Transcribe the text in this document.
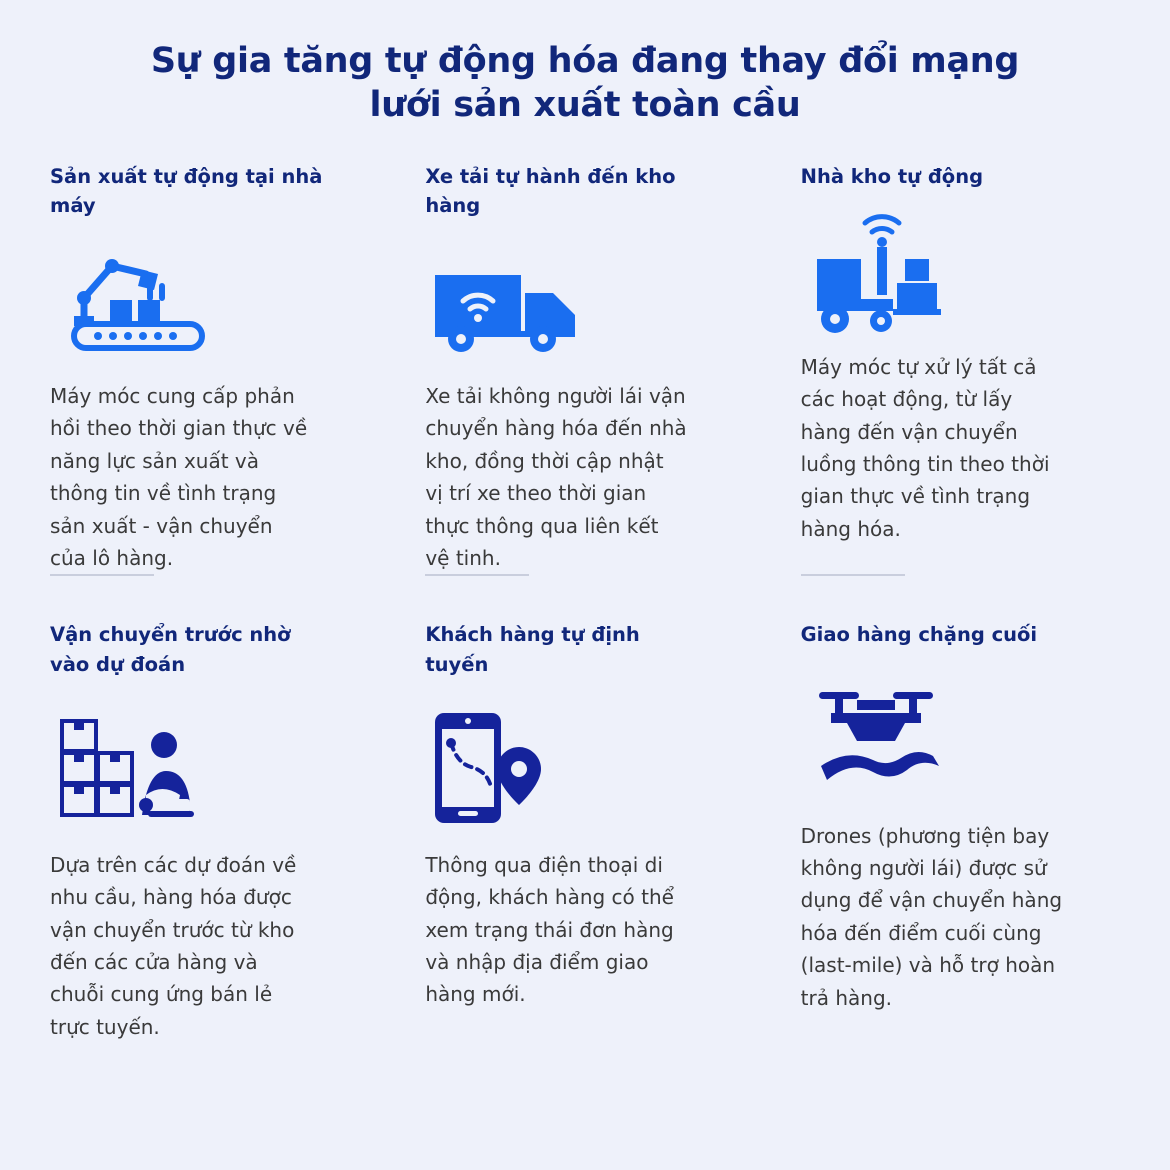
Sự gia tăng tự động hóa đang thay đổi mạng lưới sản xuất toàn cầu
Sản xuất tự động tại nhà máy

Máy móc cung cấp phản hồi theo thời gian thực về năng lực sản xuất và thông tin về tình trạng sản xuất - vận chuyển của lô hàng.

Xe tải tự hành đến kho hàng

Xe tải không người lái vận chuyển hàng hóa đến nhà kho, đồng thời cập nhật vị trí xe theo thời gian thực thông qua liên kết vệ tinh.

Nhà kho tự động

Máy móc tự xử lý tất cả các hoạt động, từ lấy hàng đến vận chuyển luồng thông tin theo thời gian thực về tình trạng hàng hóa.

Vận chuyển trước nhờ vào dự đoán

Dựa trên các dự đoán về nhu cầu, hàng hóa được vận chuyển trước từ kho đến các cửa hàng và chuỗi cung ứng bán lẻ trực tuyến.

Khách hàng tự định tuyến

Thông qua điện thoại di động, khách hàng có thể xem trạng thái đơn hàng và nhập địa điểm giao hàng mới.

Giao hàng chặng cuối

Drones (phương tiện bay không người lái) được sử dụng để vận chuyển hàng hóa đến điểm cuối cùng (last-mile) và hỗ trợ hoàn trả hàng.
